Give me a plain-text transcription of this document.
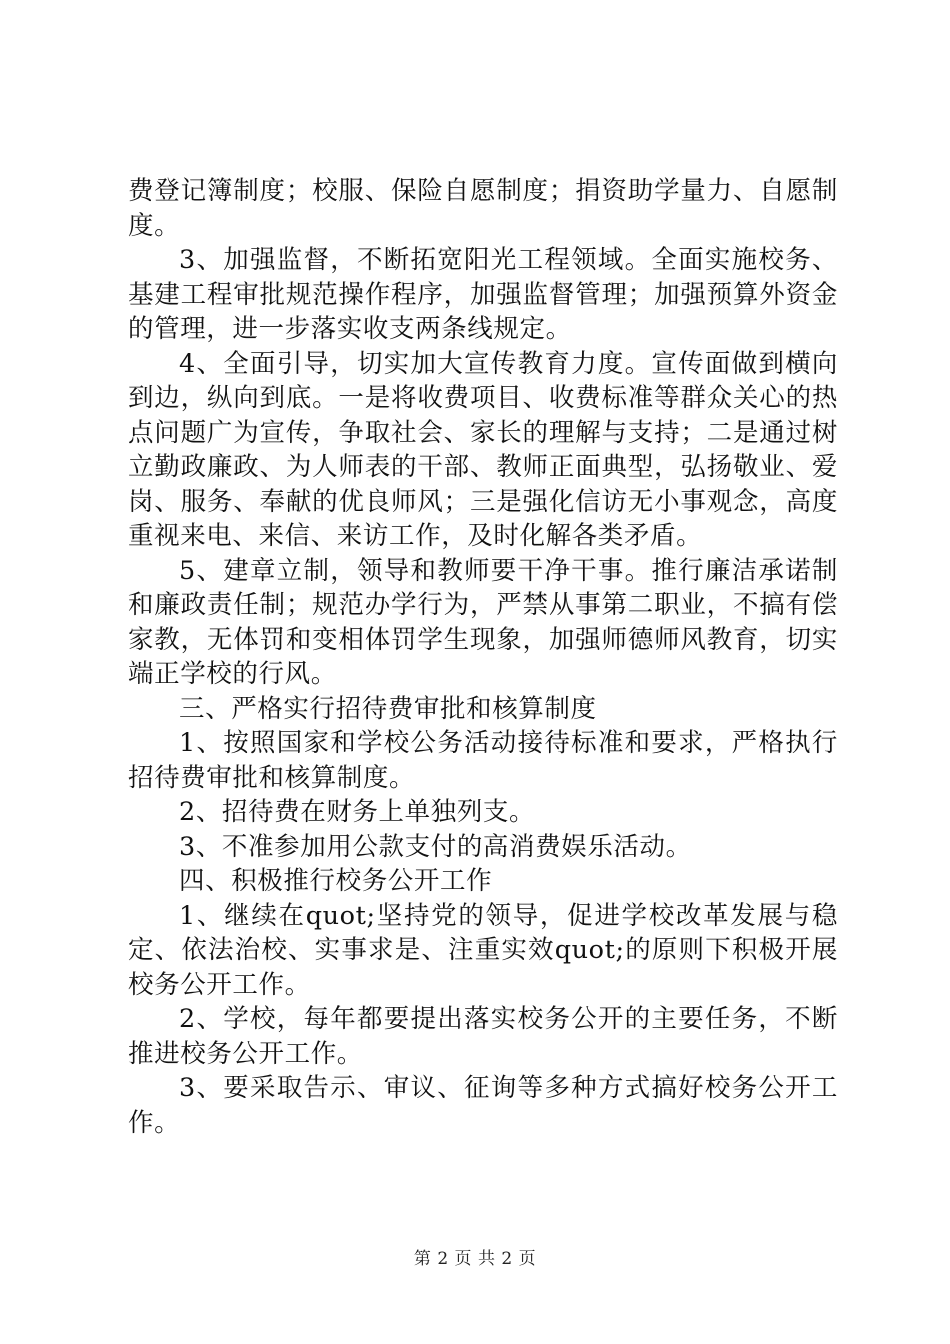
费登记簿制度；校服、保险自愿制度；捐资助学量力、自愿制度。

3、加强监督，不断拓宽阳光工程领域。全面实施校务、基建工程审批规范操作程序，加强监督管理；加强预算外资金的管理，进一步落实收支两条线规定。

4、全面引导，切实加大宣传教育力度。宣传面做到横向到边，纵向到底。一是将收费项目、收费标准等群众关心的热点问题广为宣传，争取社会、家长的理解与支持；二是通过树立勤政廉政、为人师表的干部、教师正面典型，弘扬敬业、爱岗、服务、奉献的优良师风；三是强化信访无小事观念，高度重视来电、来信、来访工作，及时化解各类矛盾。

5、建章立制，领导和教师要干净干事。推行廉洁承诺制和廉政责任制；规范办学行为，严禁从事第二职业，不搞有偿家教，无体罚和变相体罚学生现象，加强师德师风教育，切实端正学校的行风。

三、严格实行招待费审批和核算制度

1、按照国家和学校公务活动接待标准和要求，严格执行招待费审批和核算制度。

2、招待费在财务上单独列支。

3、不准参加用公款支付的高消费娱乐活动。

四、积极推行校务公开工作

1、继续在quot;坚持党的领导，促进学校改革发展与稳定、依法治校、实事求是、注重实效quot;的原则下积极开展校务公开工作。

2、学校，每年都要提出落实校务公开的主要任务，不断推进校务公开工作。

3、要采取告示、审议、征询等多种方式搞好校务公开工作。

第 2 页 共 2 页
